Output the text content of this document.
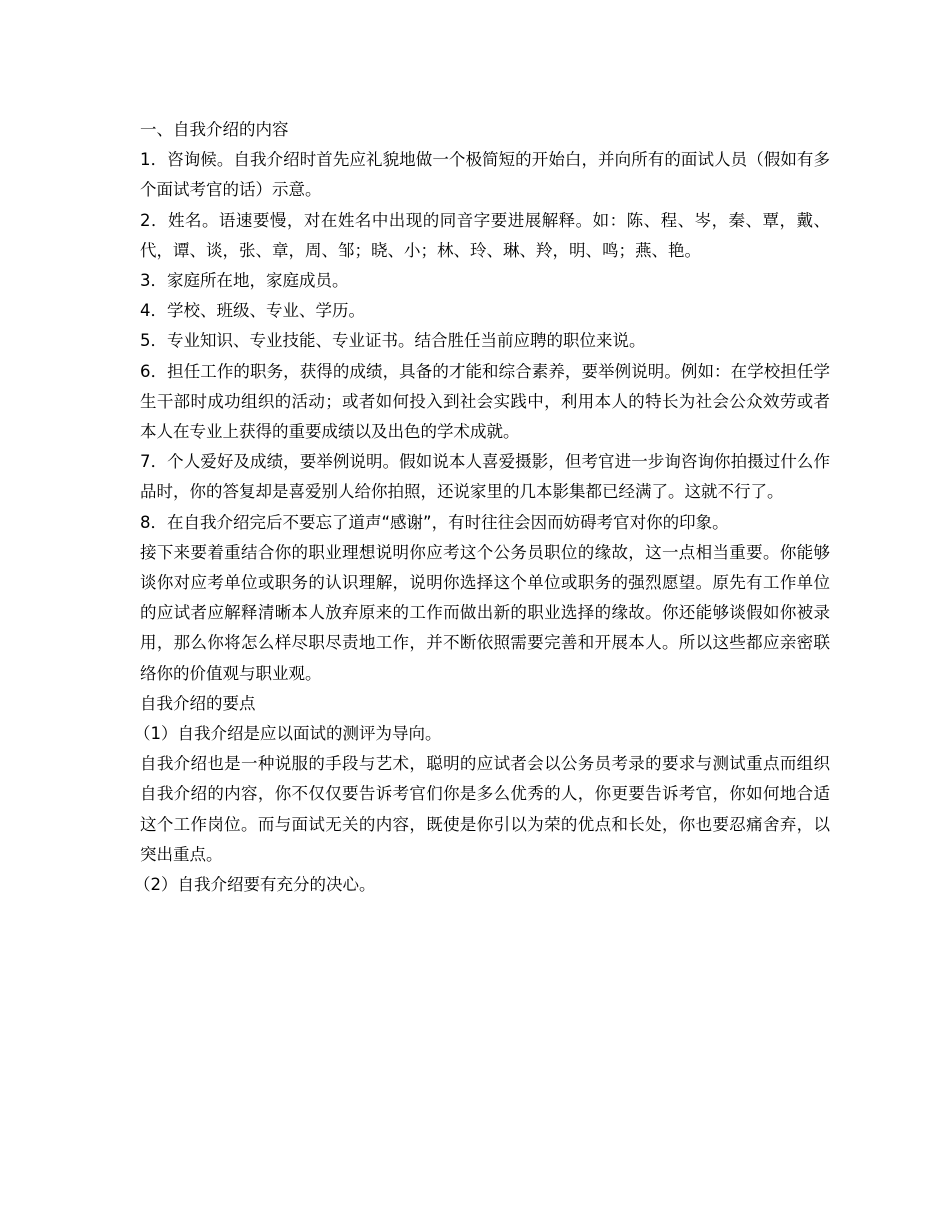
一、自我介绍的内容

1．咨询候。自我介绍时首先应礼貌地做一个极简短的开始白，并向所有的面试人员（假如有多个面试考官的话）示意。

2．姓名。语速要慢，对在姓名中出现的同音字要进展解释。如：陈、程、岑，秦、覃，戴、代，谭、谈，张、章，周、邹；晓、小；林、玲、琳、羚，明、鸣；燕、艳。

3．家庭所在地，家庭成员。

4．学校、班级、专业、学历。

5．专业知识、专业技能、专业证书。结合胜任当前应聘的职位来说。

6．担任工作的职务，获得的成绩，具备的才能和综合素养，要举例说明。例如：在学校担任学生干部时成功组织的活动；或者如何投入到社会实践中，利用本人的特长为社会公众效劳或者本人在专业上获得的重要成绩以及出色的学术成就。

7．个人爱好及成绩，要举例说明。假如说本人喜爱摄影，但考官进一步询咨询你拍摄过什么作品时，你的答复却是喜爱别人给你拍照，还说家里的几本影集都已经满了。这就不行了。

8．在自我介绍完后不要忘了道声“感谢”，有时往往会因而妨碍考官对你的印象。

接下来要着重结合你的职业理想说明你应考这个公务员职位的缘故，这一点相当重要。你能够谈你对应考单位或职务的认识理解，说明你选择这个单位或职务的强烈愿望。原先有工作单位的应试者应解释清晰本人放弃原来的工作而做出新的职业选择的缘故。你还能够谈假如你被录用，那么你将怎么样尽职尽责地工作，并不断依照需要完善和开展本人。所以这些都应亲密联络你的价值观与职业观。

自我介绍的要点

（1）自我介绍是应以面试的测评为导向。

自我介绍也是一种说服的手段与艺术，聪明的应试者会以公务员考录的要求与测试重点而组织自我介绍的内容，你不仅仅要告诉考官们你是多么优秀的人，你更要告诉考官，你如何地合适这个工作岗位。而与面试无关的内容，既使是你引以为荣的优点和长处，你也要忍痛舍弃，以突出重点。

（2）自我介绍要有充分的决心。
